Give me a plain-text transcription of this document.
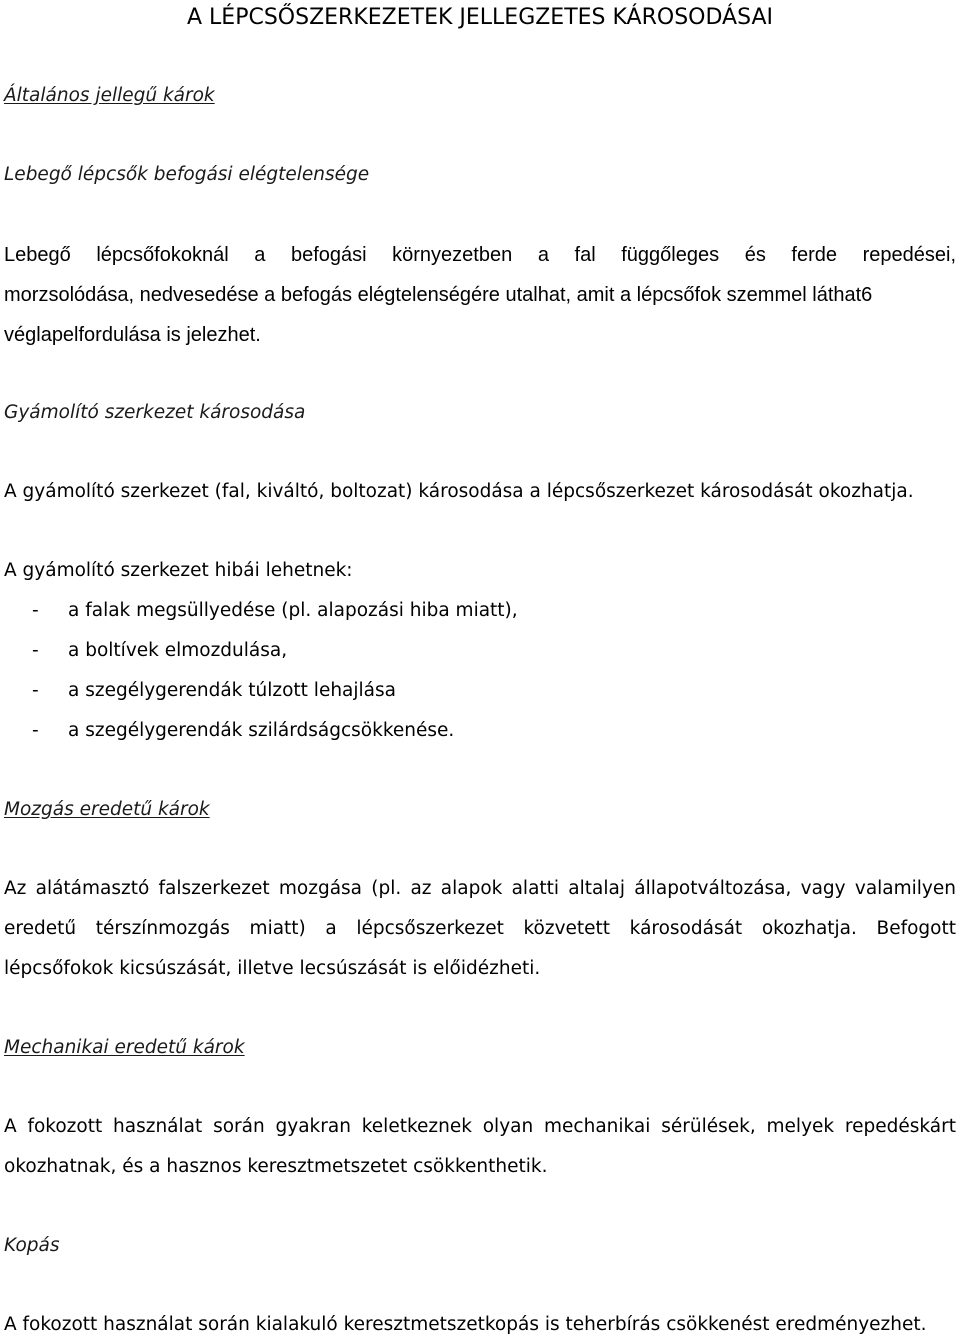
A LÉPCSŐSZERKEZETEK JELLEGZETES KÁROSODÁSAI
Általános jellegű károk
Lebegő lépcsők befogási elégtelensége
Lebegő lépcsőfokoknál a befogási környezetben a fal függőleges és ferde repedései,
morzsolódása, nedvesedése a befogás elégtelenségére utalhat, amit a lépcsőfok szemmel láthat6
véglapelfordulása is jelezhet.
Gyámolító szerkezet károsodása
A gyámolító szerkezet (fal, kiváltó, boltozat) károsodása a lépcsőszerkezet károsodását okozhatja.
A gyámolító szerkezet hibái lehetnek:
- a falak megsüllyedése (pl. alapozási hiba miatt),
- a boltívek elmozdulása,
- a szegélygerendák túlzott lehajlása
- a szegélygerendák szilárdságcsökkenése.
Mozgás eredetű károk
Az alátámasztó falszerkezet mozgása (pl. az alapok alatti altalaj állapotváltozása, vagy valamilyen
eredetű térszínmozgás miatt) a lépcsőszerkezet közvetett károsodását okozhatja. Befogott
lépcsőfokok kicsúszását, illetve lecsúszását is előidézheti.
Mechanikai eredetű károk
A fokozott használat során gyakran keletkeznek olyan mechanikai sérülések, melyek repedéskárt
okozhatnak, és a hasznos keresztmetszetet csökkenthetik.
Kopás
A fokozott használat során kialakuló keresztmetszetkopás is teherbírás csökkenést eredményezhet.
